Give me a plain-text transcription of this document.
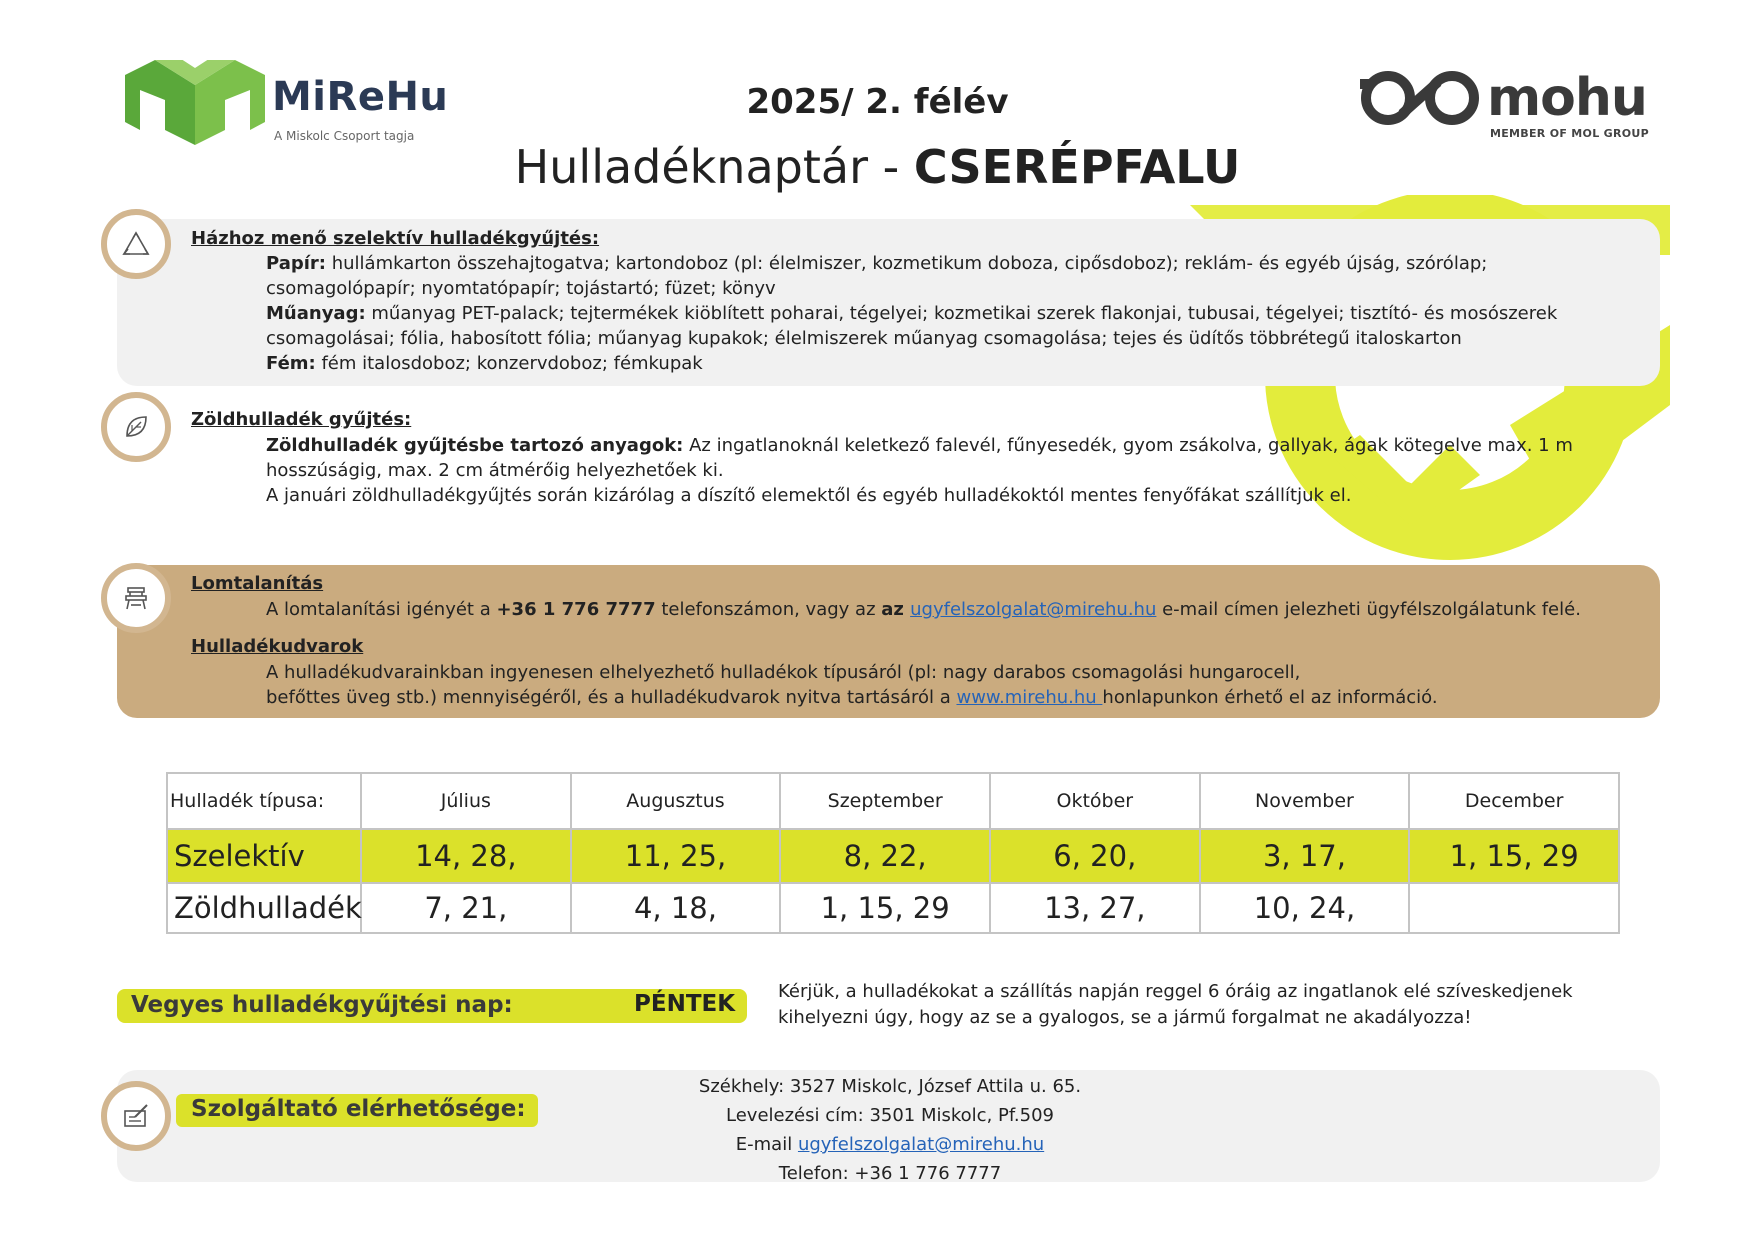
MiReHu
A Miskolc Csoport tagja
2025/ 2. félév
Hulladéknaptár - CSERÉPFALU
mohu
MEMBER OF MOL GROUP
Házhoz menő szelektív hulladékgyűjtés:
Papír: hullámkarton összehajtogatva; kartondoboz (pl: élelmiszer, kozmetikum doboza, cipősdoboz); reklám- és egyéb újság, szórólap;
csomagolópapír; nyomtatópapír; tojástartó; füzet; könyv
Műanyag: műanyag PET-palack; tejtermékek kiöblített poharai, tégelyei; kozmetikai szerek flakonjai, tubusai, tégelyei; tisztító- és mosószerek
csomagolásai; fólia, habosított fólia; műanyag kupakok; élelmiszerek műanyag csomagolása; tejes és üdítős többrétegű italoskarton
Fém: fém italosdoboz; konzervdoboz; fémkupak
Zöldhulladék gyűjtés:
Zöldhulladék gyűjtésbe tartozó anyagok: Az ingatlanoknál keletkező falevél, fűnyesedék, gyom zsákolva, gallyak, ágak kötegelve max. 1 m
hosszúságig, max. 2 cm átmérőig helyezhetőek ki.
A januári zöldhulladékgyűjtés során kizárólag a díszítő elemektől és egyéb hulladékoktól mentes fenyőfákat szállítjuk el.
Lomtalanítás
A lomtalanítási igényét a +36 1 776 7777 telefonszámon, vagy az az ugyfelszolgalat@mirehu.hu e-mail címen jelezheti ügyfélszolgálatunk felé.
Hulladékudvarok
A hulladékudvarainkban ingyenesen elhelyezhető hulladékok típusáról (pl: nagy darabos csomagolási hungarocell,
befőttes üveg stb.) mennyiségéről, és a hulladékudvarok nyitva tartásáról a www.mirehu.hu honlapunkon érhető el az információ.
Hulladék típusa:	Július	Augusztus	Szeptember	Október	November	December
Szelektív	14, 28,	11, 25,	8, 22,	6, 20,	3, 17,	1, 15, 29
Zöldhulladék	7, 21,	4, 18,	1, 15, 29	13, 27,	10, 24,	
Vegyes hulladékgyűjtési nap:	PÉNTEK Kérjük, a hulladékokat a szállítás napján reggel 6 óráig az ingatlanok elé szíveskedjenek
kihelyezni úgy, hogy az se a gyalogos, se a jármű forgalmat ne akadályozza!
Szolgáltató elérhetősége:
Székhely: 3527 Miskolc, József Attila u. 65.
Levelezési cím: 3501 Miskolc, Pf.509
E-mail ugyfelszolgalat@mirehu.hu
Telefon: +36 1 776 7777
